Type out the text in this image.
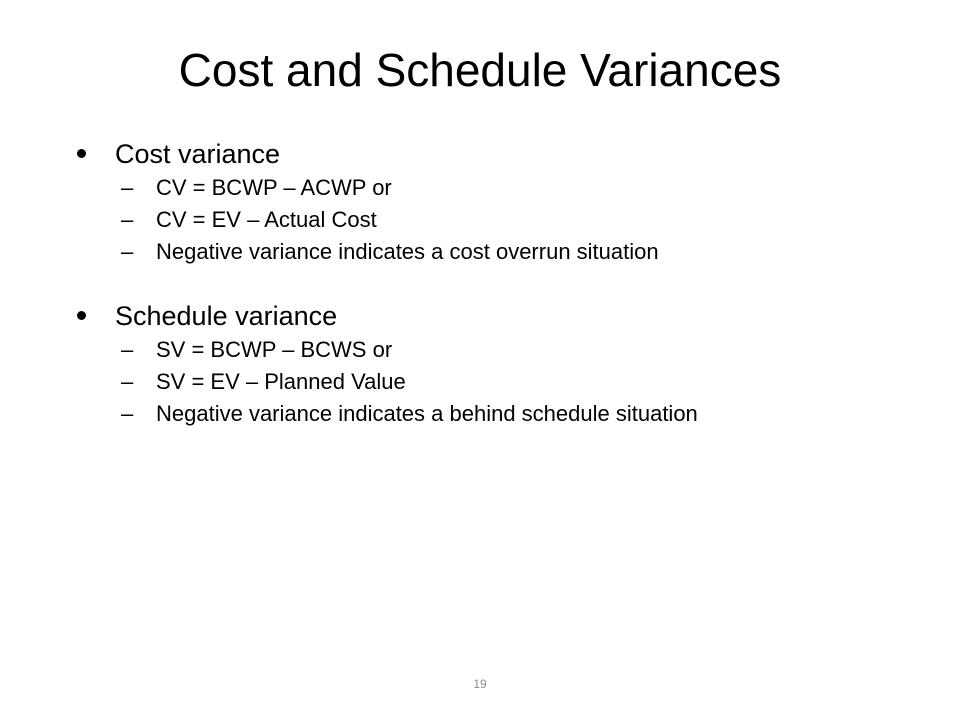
Cost and Schedule Variances
Cost variance
– CV = BCWP – ACWP or
– CV = EV – Actual Cost
– Negative variance indicates a cost overrun situation
Schedule variance
– SV = BCWP – BCWS or
– SV = EV – Planned Value
– Negative variance indicates a behind schedule situation
19
